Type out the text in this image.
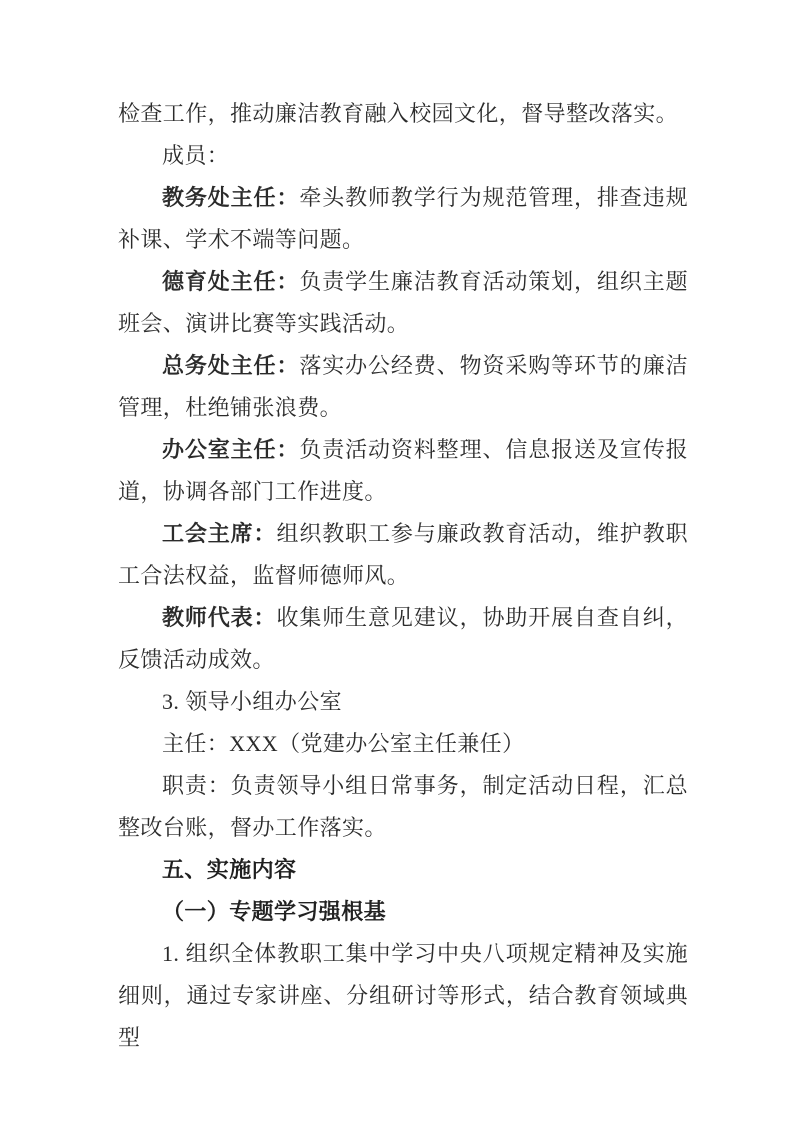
检查工作，推动廉洁教育融入校园文化，督导整改落实。

成员：

教务处主任：牵头教师教学行为规范管理，排查违规补课、学术不端等问题。

德育处主任：负责学生廉洁教育活动策划，组织主题班会、演讲比赛等实践活动。

总务处主任：落实办公经费、物资采购等环节的廉洁管理，杜绝铺张浪费。

办公室主任：负责活动资料整理、信息报送及宣传报道，协调各部门工作进度。

工会主席：组织教职工参与廉政教育活动，维护教职工合法权益，监督师德师风。

教师代表：收集师生意见建议，协助开展自查自纠，反馈活动成效。

3. 领导小组办公室

主任：XXX（党建办公室主任兼任）

职责：负责领导小组日常事务，制定活动日程，汇总整改台账，督办工作落实。

五、实施内容

（一）专题学习强根基

1. 组织全体教职工集中学习中央八项规定精神及实施细则，通过专家讲座、分组研讨等形式，结合教育领域典型
